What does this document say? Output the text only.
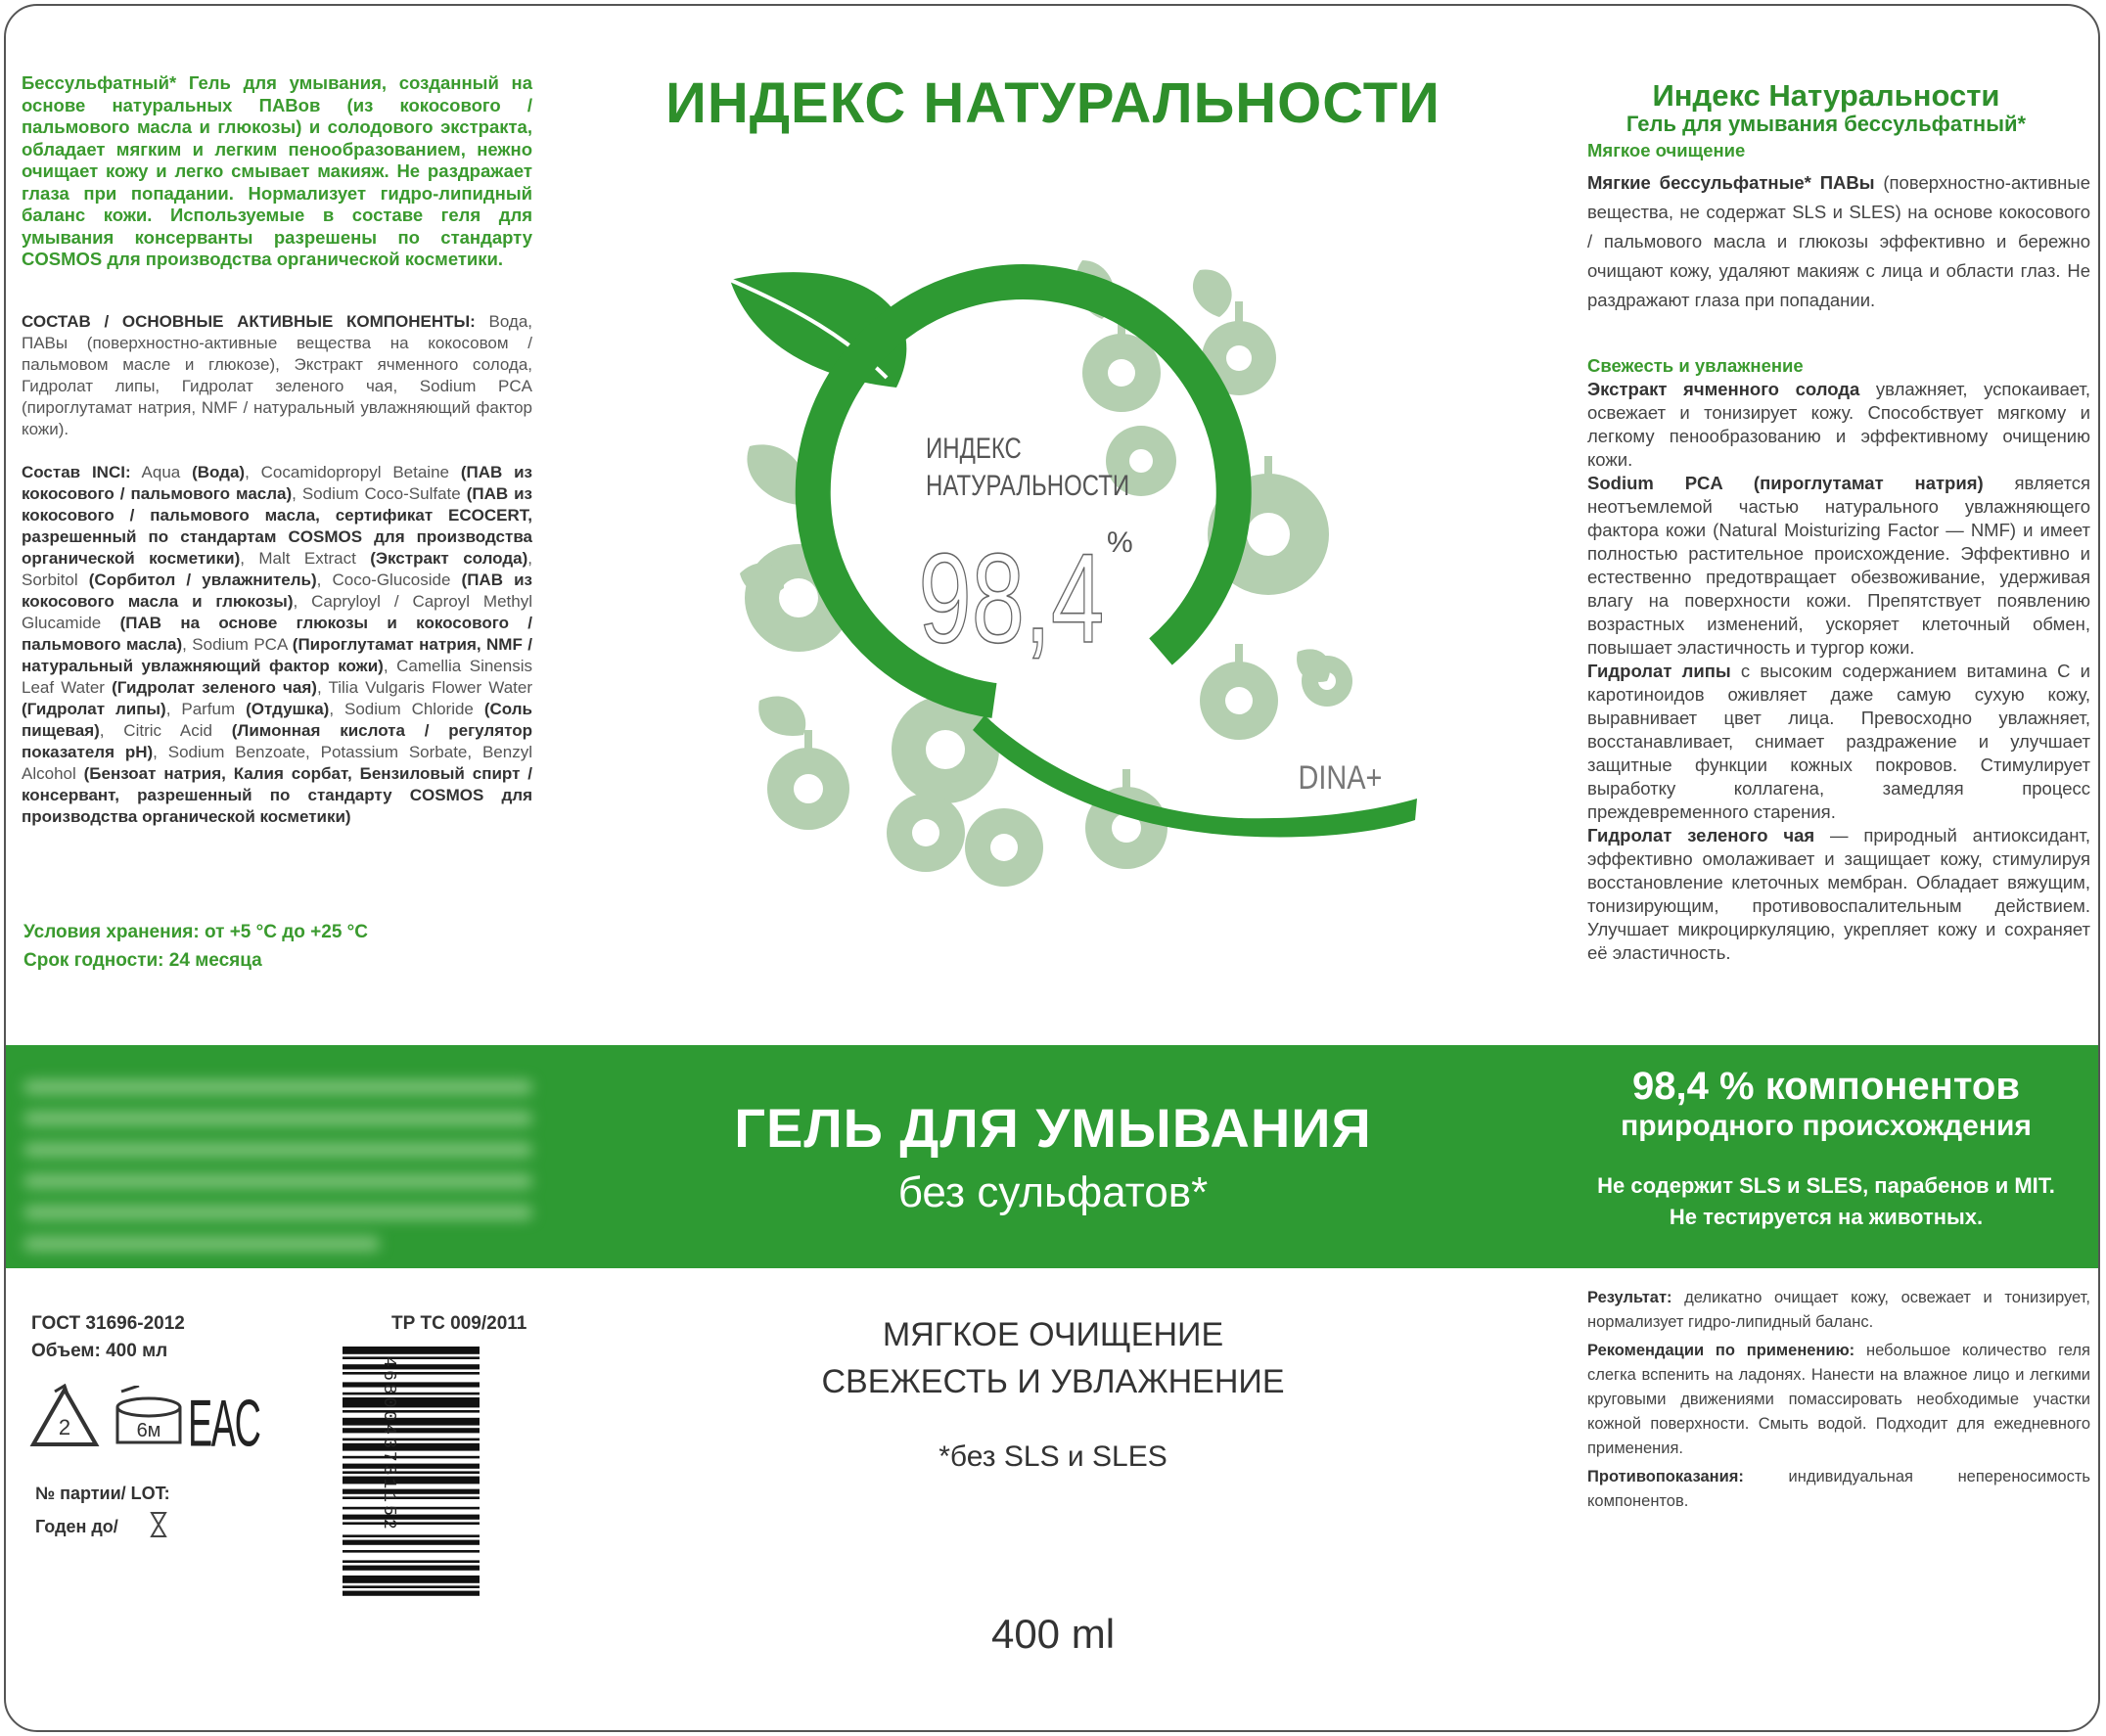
Бессульфатный* Гель для умывания, созданный на основе натуральных ПАВов (из кокосового / пальмового масла и глюкозы) и солодового экстракта, обладает мягким и легким пенообразованием, нежно очищает кожу и легко смывает макияж. Не раздражает глаза при попадании. Нормализует гидро-липидный баланс кожи. Используемые в составе геля для умывания консерванты разрешены по стандарту COSMOS для производства органической косметики.
СОСТАВ / ОСНОВНЫЕ АКТИВНЫЕ КОМПОНЕНТЫ: Вода, ПАВы (поверхностно-активные вещества на кокосовом / пальмовом масле и глюкозе), Экстракт ячменного солода, Гидролат липы, Гидролат зеленого чая, Sodium PCA (пироглутамат натрия, NMF / натуральный увлажняющий фактор кожи).
Состав INCI: Aqua (Вода), Cocamidopropyl Betaine (ПАВ из кокосового / пальмового масла), Sodium Coco-Sulfate (ПАВ из кокосового / пальмового масла, сертификат ECOCERT, разрешенный по стандартам COSMOS для производства органической косметики), Malt Extract (Экстракт солода), Sorbitol (Сорбитол / увлажнитель), Coco-Glucoside (ПАВ из кокосового масла и глюкозы), Capryloyl / Caproyl Methyl Glucamide (ПАВ на основе глюкозы и кокосового / пальмового масла), Sodium PCA (Пироглутамат натрия, NMF / натуральный увлажняющий фактор кожи), Camellia Sinensis Leaf Water (Гидролат зеленого чая), Tilia Vulgaris Flower Water (Гидролат липы), Parfum (Отдушка), Sodium Chloride (Соль пищевая), Citric Acid (Лимонная кислота / регулятор показателя pH), Sodium Benzoate, Potassium Sorbate, Benzyl Alcohol (Бензоат натрия, Калия сорбат, Бензиловый спирт / консервант, разрешенный по стандарту COSMOS для производства органической косметики)
Условия хранения: от +5 °С до +25 °С
Срок годности: 24 месяца
ИНДЕКС НАТУРАЛЬНОСТИ
ИНДЕКС
НАТУРАЛЬНОСТИ
98,4 %
DINA+
Индекс Натуральности
Гель для умывания бессульфатный*
Мягкое очищение
Мягкие бессульфатные* ПАВы (поверхностно-активные вещества, не содержат SLS и SLES) на основе кокосового / пальмового масла и глюкозы эффективно и бережно очищают кожу, удаляют макияж с лица и области глаз. Не раздражают глаза при попадании.
Свежесть и увлажнение
Экстракт ячменного солода увлажняет, успокаивает, освежает и тонизирует кожу. Способствует мягкому и легкому пенообразованию и эффективному очищению кожи.
Sodium PCA (пироглутамат натрия) является неотъемлемой частью натурального увлажняющего фактора кожи (Natural Moisturizing Factor — NMF) и имеет полностью растительное происхождение. Эффективно и естественно предотвращает обезвоживание, удерживая влагу на поверхности кожи. Препятствует появлению возрастных изменений, ускоряет клеточный обмен, повышает эластичность и тургор кожи.
Гидролат липы с высоким содержанием витамина С и каротиноидов оживляет даже самую сухую кожу, выравнивает цвет лица. Превосходно увлажняет, восстанавливает, снимает раздражение и улучшает защитные функции кожных покровов. Стимулирует выработку коллагена, замедляя процесс преждевременного старения.
Гидролат зеленого чая — природный антиоксидант, эффективно омолаживает и защищает кожу, стимулируя восстановление клеточных мембран. Обладает вяжущим, тонизирующим, противовоспалительным действием. Улучшает микроциркуляцию, укрепляет кожу и сохраняет её эластичность.
ГЕЛЬ ДЛЯ УМЫВАНИЯ
без сульфатов*
98,4 % компонентов
природного происхождения
Не содержит SLS и SLES, парабенов и MIT.
Не тестируется на животных.
ГОСТ 31696-2012
Объем: 400 мл
ТР ТС 009/2011
2	6м EAC
№ партии/ LOT:
Годен до/	4680043731152
МЯГКОЕ ОЧИЩЕНИЕ
СВЕЖЕСТЬ И УВЛАЖНЕНИЕ
*без SLS и SLES
400 ml
Результат: деликатно очищает кожу, освежает и тонизирует, нормализует гидро-липидный баланс.
Рекомендации по применению: небольшое количество геля слегка вспенить на ладонях. Нанести на влажное лицо и легкими круговыми движениями помассировать необходимые участки кожной поверхности. Смыть водой. Подходит для ежедневного применения.
Противопоказания: индивидуальная непереносимость компонентов.
